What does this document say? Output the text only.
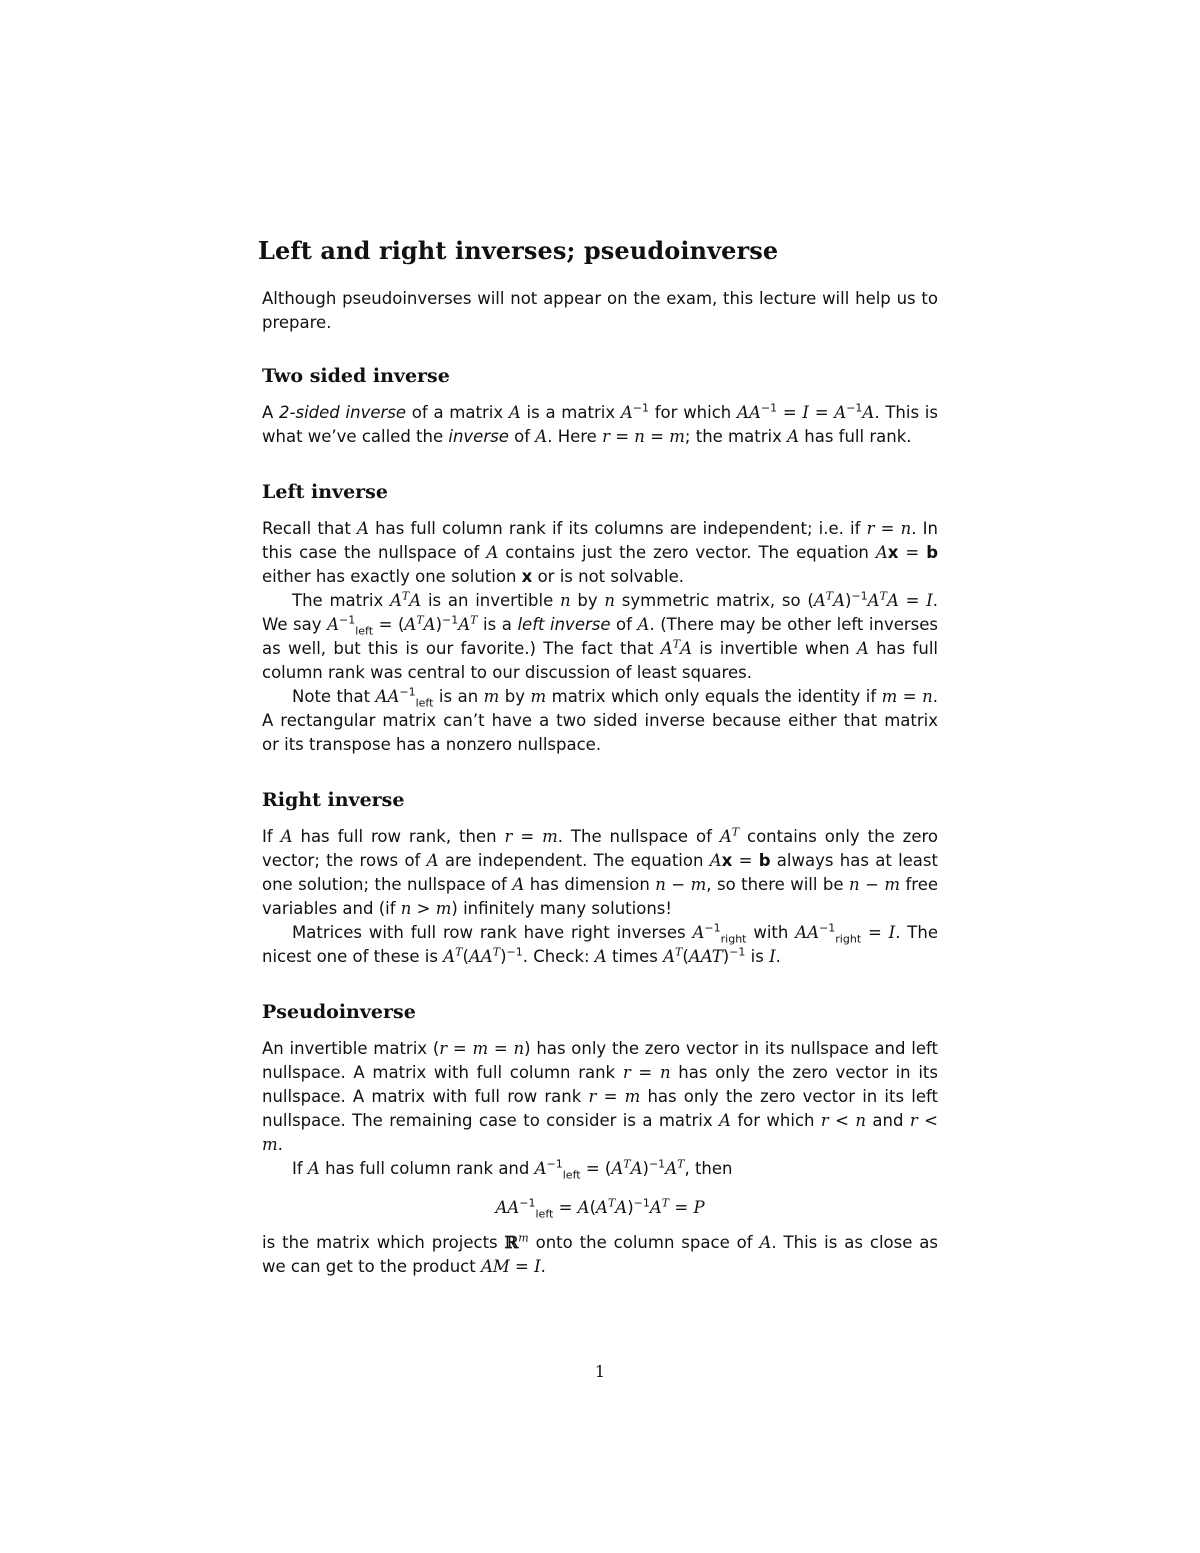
Left and right inverses; pseudoinverse

Although pseudoinverses will not appear on the exam, this lecture will help us to prepare.

Two sided inverse

A 2-sided inverse of a matrix A is a matrix $A^{-1}$ for which $AA^{-1} = I = A^{-1}A$. This is what we’ve called the inverse of A. Here r = n = m; the matrix A has full rank.

Left inverse

Recall that A has full column rank if its columns are independent; i.e. if r = n. In this case the nullspace of A contains just the zero vector. The equation Ax = b either has exactly one solution x or is not solvable.

The matrix $A^TA$ is an invertible n by n symmetric matrix, so $(A^TA)^{-1}A^TA = I$. We say $A^{-1}_{left} = (A^TA)^{-1}A^T$ is a left inverse of A. (There may be other left inverses as well, but this is our favorite.) The fact that $A^TA$ is invertible when A has full column rank was central to our discussion of least squares.

Note that $AA^{-1}_{left}$ is an m by m matrix which only equals the identity if m = n. A rectangular matrix can’t have a two sided inverse because either that matrix or its transpose has a nonzero nullspace.

Right inverse

If A has full row rank, then r = m. The nullspace of $A^T$ contains only the zero vector; the rows of A are independent. The equation Ax = b always has at least one solution; the nullspace of A has dimension n − m, so there will be n − m free variables and (if n > m) infinitely many solutions!

Matrices with full row rank have right inverses $A^{-1}_{right}$ with $AA^{-1}_{right} = I$. The nicest one of these is $A^T(AA^T)^{-1}$. Check: A times $A^T(AAT)^{-1}$ is I.

Pseudoinverse

An invertible matrix (r = m = n) has only the zero vector in its nullspace and left nullspace. A matrix with full column rank r = n has only the zero vector in its nullspace. A matrix with full row rank r = m has only the zero vector in its left nullspace. The remaining case to consider is a matrix A for which r < n and r < m.

If A has full column rank and $A^{-1}_{left} = (A^TA)^{-1}A^T$, then

$AA^{-1}_{left} = A(A^TA)^{-1}A^T = P$

is the matrix which projects ℝ$^m$ onto the column space of A. This is as close as we can get to the product AM = I.

1
